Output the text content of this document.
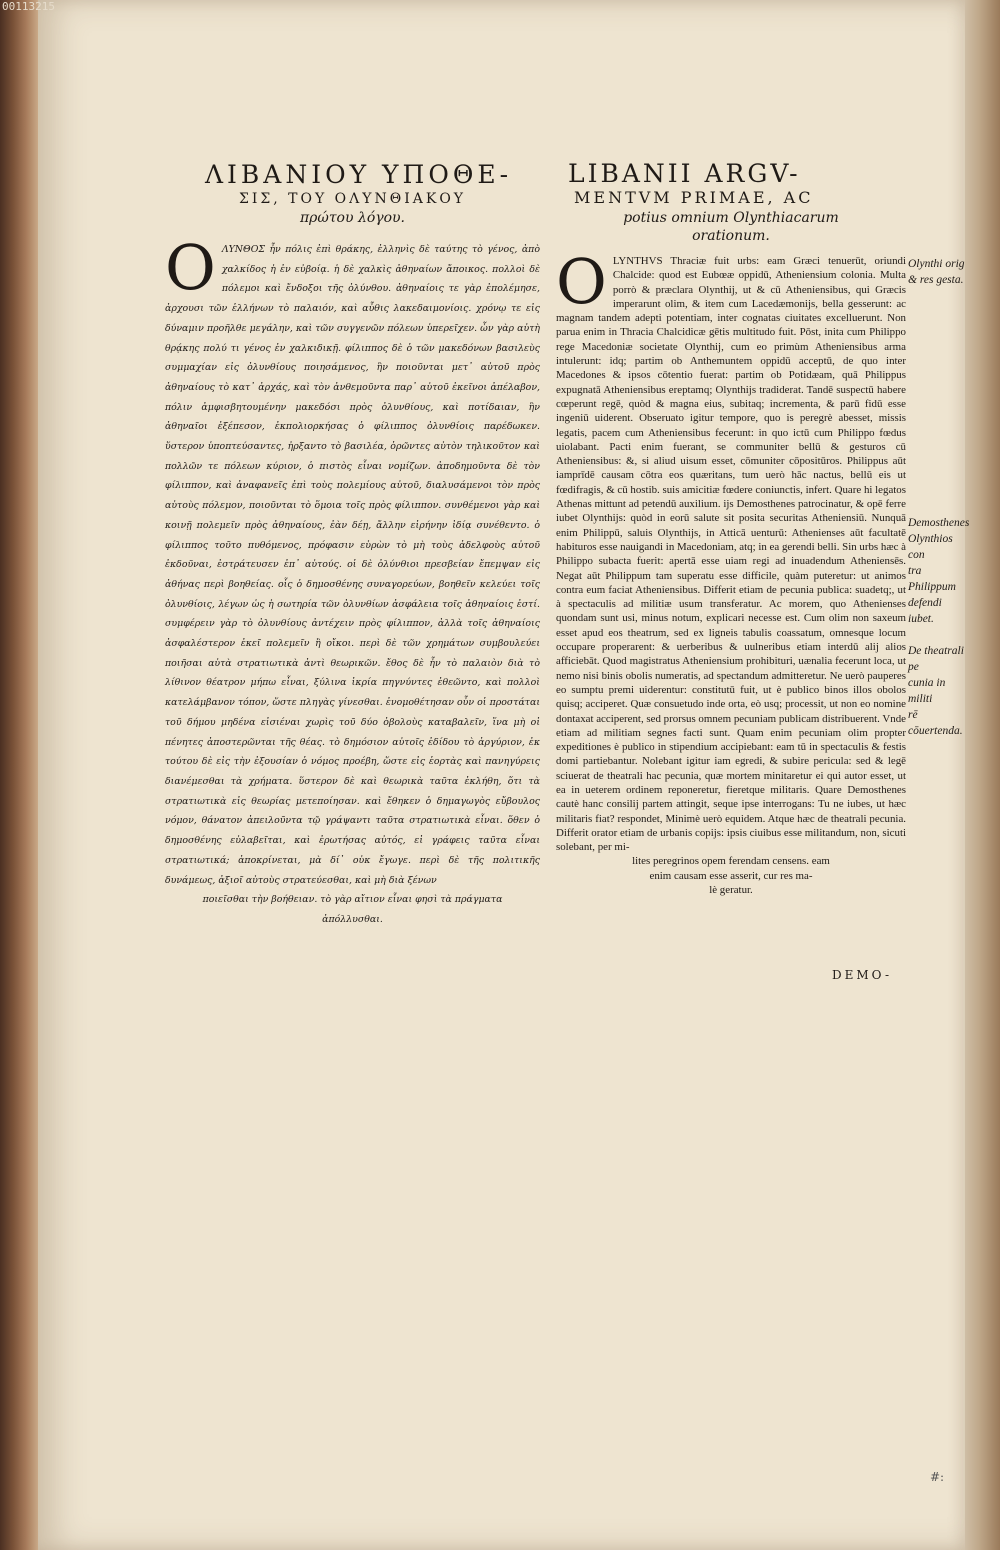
00113215
ΛΙΒΑΝΙΟΥ ΥΠΟΘΕ-

ΣΙΣ, ΤΟΥ ΟΛΥΝΘΙΑΚΟΥ

πρώτου λόγου.

Ο ΛΥΝΘΟΣ ἦν πόλις ἐπὶ θράκης, ἑλληνὶς δὲ ταύτης τὸ γένος, ἀπὸ χαλκίδος ἡ ἐν εὐβοίᾳ. ἡ δὲ χαλκὶς ἀθηναίων ἄποικος. πολλοὶ δὲ πόλεμοι καὶ ἔνδοξοι τῆς ὀλύνθου. ἀθηναίοις τε γὰρ ἐπολέμησε, ἀρχουσι τῶν ἑλλήνων τὸ παλαιόν, καὶ αὖθις λακεδαιμονίοις. χρόνῳ τε εἰς δύναμιν προῆλθε μεγάλην, καὶ τῶν συγγενῶν πόλεων ὑπερεῖχεν. ὧν γὰρ αὐτὴ θρᾴκης πολύ τι γένος ἐν χαλκιδικῇ. φίλιππος δὲ ὁ τῶν μακεδόνων βασιλεὺς συμμαχίαν εἰς ὀλυνθίους ποιησάμενος, ἣν ποιοῦνται μετ᾽ αὐτοῦ πρὸς ἀθηναίους τὸ κατ᾽ ἀρχάς, καὶ τὸν ἀνθεμοῦντα παρ᾽ αὐτοῦ ἐκεῖνοι ἀπέλαβον, πόλιν ἀμφισβητουμένην μακεδόσι πρὸς ὀλυνθίους, καὶ ποτίδαιαν, ἣν ἀθηναῖοι ἐξέπεσον, ἐκπολιορκήσας ὁ φίλιππος ὀλυνθίοις παρέδωκεν. ὕστερον ὑποπτεύσαντες, ἠρξαντο τὸ βασιλέα, ὁρῶντες αὐτὸν τηλικοῦτον καὶ πολλῶν τε πόλεων κύριον, ὁ πιστὸς εἶναι νομίζων. ἀποδημοῦντα δὲ τὸν φίλιππον, καὶ ἀναφανεῖς ἐπὶ τοὺς πολεμίους αὐτοῦ, διαλυσάμενοι τὸν πρὸς αὐτοὺς πόλεμον, ποιοῦνται τὸ ὅμοια τοῖς πρὸς φίλιππον. συνθέμενοι γὰρ καὶ κοινῇ πολεμεῖν πρὸς ἀθηναίους, ἐὰν δέῃ, ἄλλην εἰρήνην ἰδίᾳ συνέθεντο. ὁ φίλιππος τοῦτο πυθόμενος, πρόφασιν εὑρὼν τὸ μὴ τοὺς ἀδελφοὺς αὐτοῦ ἐκδοῦναι, ἐστράτευσεν ἐπ᾽ αὐτούς. οἱ δὲ ὀλύνθιοι πρεσβείαν ἔπεμψαν εἰς ἀθήνας περὶ βοηθείας. οἷς ὁ δημοσθένης συναγορεύων, βοηθεῖν κελεύει τοῖς ὀλυνθίοις, λέγων ὡς ἡ σωτηρία τῶν ὀλυνθίων ἀσφάλεια τοῖς ἀθηναίοις ἐστί. συμφέρειν γὰρ τὸ ὀλυνθίους ἀντέχειν πρὸς φίλιππον, ἀλλὰ τοῖς ἀθηναίοις ἀσφαλέστερον ἐκεῖ πολεμεῖν ἢ οἴκοι. περὶ δὲ τῶν χρημάτων συμβουλεύει ποιῆσαι αὐτὰ στρατιωτικὰ ἀντὶ θεωρικῶν. ἔθος δὲ ἦν τὸ παλαιὸν διὰ τὸ λίθινον θέατρον μήπω εἶναι, ξύλινα ἰκρία πηγνύντες ἐθεῶντο, καὶ πολλοὶ κατελάμβανον τόπον, ὥστε πληγὰς γίνεσθαι. ἐνομοθέτησαν οὖν οἱ προστάται τοῦ δήμου μηδένα εἰσιέναι χωρὶς τοῦ δύο ὀβολοὺς καταβαλεῖν, ἵνα μὴ οἱ πένητες ἀποστερῶνται τῆς θέας. τὸ δημόσιον αὐτοῖς ἐδίδου τὸ ἀργύριον, ἐκ τούτου δὲ εἰς τὴν ἐξουσίαν ὁ νόμος προέβη, ὥστε εἰς ἑορτὰς καὶ πανηγύρεις διανέμεσθαι τὰ χρήματα. ὕστερον δὲ καὶ θεωρικὰ ταῦτα ἐκλήθη, ὅτι τὰ στρατιωτικὰ εἰς θεωρίας μετεποίησαν. καὶ ἔθηκεν ὁ δημαγωγὸς εὔβουλος νόμον, θάνατον ἀπειλοῦντα τῷ γράψαντι ταῦτα στρατιωτικὰ εἶναι. ὅθεν ὁ δημοσθένης εὐλαβεῖται, καὶ ἐρωτήσας αὐτός, εἰ γράφεις ταῦτα εἶναι στρατιωτικά; ἀποκρίνεται, μὰ δί᾽ οὐκ ἔγωγε. περὶ δὲ τῆς πολιτικῆς δυνάμεως, ἀξιοῖ αὐτοὺς στρατεύεσθαι, καὶ μὴ διὰ ξένων

ποιεῖσθαι τὴν βοήθειαν. τὸ γὰρ αἴτιον εἶναι φησὶ τὰ πράγματα

ἀπόλλυσθαι.

LIBANII ARGV-

MENTVM PRIMAE, AC

potius omnium Olynthiacarum

orationum.

O LYNTHVS Thraciæ fuit urbs: eam Græci tenuerūt, oriundi Chalcide: quod est Eubœæ oppidū, Atheniensium colonia. Multa porrò & præclara Olynthij, ut & cū Atheniensibus, qui Græcis imperarunt olim, & item cum Lacedæmonijs, bella gesserunt: ac magnam tandem adepti potentiam, inter cognatas ciuitates excelluerunt. Non parua enim in Thracia Chalcidicæ gētis multitudo fuit. Pōst, inita cum Philippo rege Macedoniæ societate Olynthij, cum eo primùm Atheniensibus arma intulerunt: idq; partim ob Anthemuntem oppidū acceptū, de quo inter Macedones & ipsos cōtentio fuerat: partim ob Potidæam, quā Philippus expugnatā Atheniensibus ereptamq; Olynthijs tradiderat. Tandē suspectū habere cœperunt regē, quòd & magna eius, subitaq; incrementa, & parū fidū esse ingeniū uiderent. Obseruato igitur tempore, quo is peregrè abesset, missis legatis, pacem cum Atheniensibus fecerunt: in quo ictū cum Philippo fœdus uiolabant. Pacti enim fuerant, se communiter bellū & gesturos cū Atheniensibus: &, si aliud uisum esset, cōmuniter cōpositūros. Philippus aūt iamprīdē causam cōtra eos quæritans, tum uerò hāc nactus, bellū eis ut fœdifragis, & cū hostib. suis amicitiæ fœdere coniunctis, infert. Quare hi legatos Athenas mittunt ad petendū auxilium. ijs Demosthenes patrocinatur, & opē ferre iubet Olynthijs: quòd in eorū salute sit posita securitas Atheniensiū. Nunquā enim Philippū, saluis Olynthijs, in Atticā uenturū: Athenienses aūt facultatē habituros esse nauigandi in Macedoniam, atq; in ea gerendi belli. Sin urbs hæc à Philippo subacta fuerit: apertā esse uiam regi ad inuadendum Atheniensēs. Negat aūt Philippum tam superatu esse difficile, quàm puteretur: ut animos contra eum faciat Atheniensibus. Differit etiam de pecunia publica: suadetq;, ut à spectaculis ad militiæ usum transferatur. Ac morem, quo Athenienses quondam sunt usi, minus notum, explicari necesse est. Cum olim non saxeum esset apud eos theatrum, sed ex ligneis tabulis coassatum, omnesque locum occupare properarent: & uerberibus & uulneribus etiam interdū alij alios afficiebāt. Quod magistratus Atheniensium prohibituri, uænalia fecerunt loca, ut nemo nisi binis obolis numeratis, ad spectandum admitteretur. Ne uerò pauperes eo sumptu premi uiderentur: constitutū fuit, ut è publico binos illos obolos quisq; acciperet. Quæ consuetudo inde orta, eò usq; processit, ut non eo nomine dontaxat acciperent, sed prorsus omnem pecuniam publicam distribuerent. Vnde etiam ad militiam segnes facti sunt. Quam enim pecuniam olim propter expeditiones è publico in stipendium accipiebant: eam tū in spectaculis & festis domi partiebantur. Nolebant igitur iam egredi, & subire pericula: sed & legē sciuerat de theatrali hac pecunia, quæ mortem minitaretur ei qui autor esset, ut ea in ueterem ordinem reponeretur, fieretque militaris. Quare Demosthenes cautè hanc consilij partem attingit, seque ipse interrogans: Tu ne iubes, ut hæc militaris fiat? respondet, Minimè uerò equidem. Atque hæc de theatrali pecunia. Differit orator etiam de urbanis copijs: ipsis ciuibus esse militandum, non, sicuti solebant, per mi-

lites peregrinos opem ferendam censens. eam

enim causam esse asserit, cur res ma-

lè geratur.

DEMO-

Olynthi orig

& res gesta.

Demosthenes

Olynthios con

tra Philippum

defendi iubet.

De theatrali pe

cunia in militi

rē cōuertenda.

#:
